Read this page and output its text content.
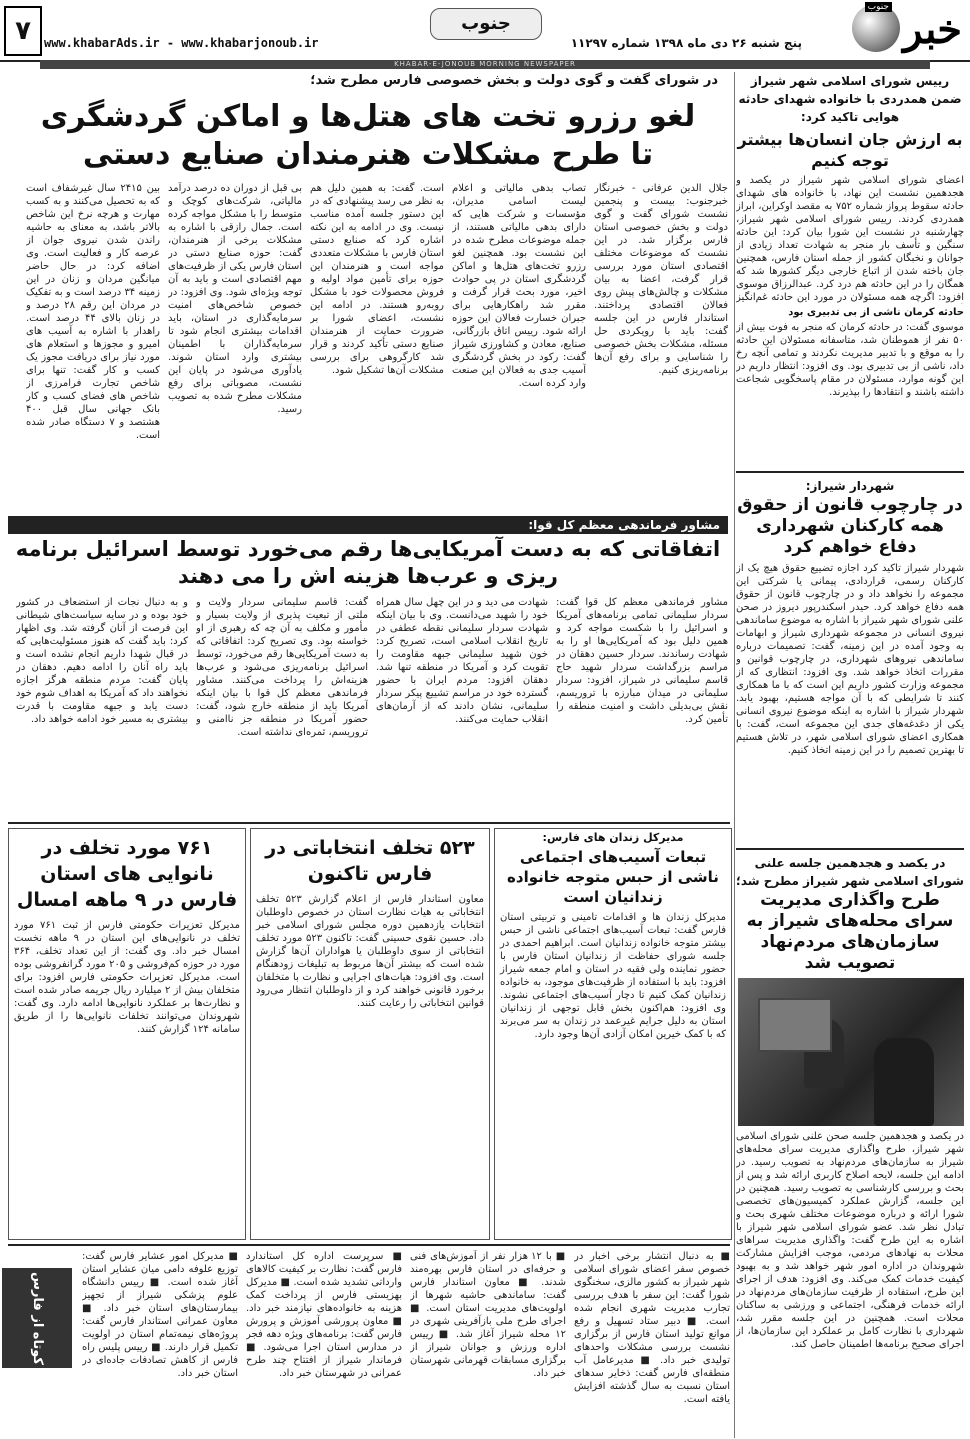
خبر
جنوب
پنج شنبه ۲۶ دی ماه ۱۳۹۸ شماره ۱۱۲۹۷
جنوب
www.khabarAds.ir - www.khabarjonoub.ir
۷
KHABAR-E-JONOUB MORNING NEWSPAPER
رییس شورای اسلامی شهر شیراز ضمن همدردی با خانواده شهدای حادثه هوایی تاکید کرد:
به ارزش جان انسان‌ها بیشتر توجه کنیم
اعضای شورای اسلامی شهر شیراز در یکصد و هجدهمین نشست این نهاد، با خانواده های شهدای حادثه سقوط پرواز شماره ۷۵۲ به مقصد اوکراین، ابراز همدردی کردند. رییس شورای اسلامی شهر شیراز، چهارشنبه در نشست این شورا بیان کرد: این حادثه سنگین و تأسف بار منجر به شهادت تعداد زیادی از جوانان و نخبگان کشور از جمله استان فارس، همچنین جان باخته شدن از اتباع خارجی دیگر کشورها شد که همگان را در این حادثه هم درد کرد. عبدالرزاق موسوی افزود: اگرچه همه مسئولان در مورد این حادثه غم‌انگیز
حادثه کرمان ناشی از بی تدبیری بود
موسوی گفت: در حادثه کرمان که منجر به فوت بیش از ۵۰ نفر از هموطنان شد، متاسفانه مسئولان این حادثه را به موقع و با تدبیر مدیریت نکردند و تمامی آنچه رخ داد، ناشی از بی تدبیری بود. وی افزود: انتظار داریم در این گونه موارد، مسئولان در مقام پاسخگویی شجاعت داشته باشند و انتقادها را بپذیرند.
شهردار شیراز:
در چارچوب قانون از حقوق همه کارکنان شهرداری دفاع خواهم کرد
شهردار شیراز تاکید کرد اجازه تضییع حقوق هیچ یک از کارکنان رسمی، قراردادی، پیمانی یا شرکتی این مجموعه را نخواهد داد و در چارچوب قانون از حقوق همه دفاع خواهد کرد. حیدر اسکندرپور دیروز در صحن علنی شورای شهر شیراز با اشاره به موضوع ساماندهی نیروی انسانی در مجموعه شهرداری شیراز و ابهامات به وجود آمده در این زمینه، گفت: تصمیمات درباره ساماندهی نیروهای شهرداری، در چارچوب قوانین و مقررات اتخاذ خواهد شد. وی افزود: انتظاری که از مجموعه وزارت کشور داریم این است که با ما همکاری کنند تا شرایطی که با آن مواجه هستیم، بهبود یابد. شهردار شیراز با اشاره به اینکه موضوع نیروی انسانی یکی از دغدغه‌های جدی این مجموعه است، گفت: با همکاری اعضای شورای اسلامی شهر، در تلاش هستیم تا بهترین تصمیم را در این زمینه اتخاذ کنیم.
در یکصد و هجدهمین جلسه علنی شورای اسلامی شهر شیراز مطرح شد؛
طرح واگذاری مدیریت سرای محله‌های شیراز به سازمان‌های مردم‌نهاد تصویب شد
در یکصد و هجدهمین جلسه صحن علنی شورای اسلامی شهر شیراز، طرح واگذاری مدیریت سرای محله‌های شیراز به سازمان‌های مردم‌نهاد به تصویب رسید. در ادامه این جلسه، لایحه اصلاح کاربری ارائه شد و پس از بحث و بررسی کارشناسی به تصویب رسید. همچنین در این جلسه، گزارش عملکرد کمیسیون‌های تخصصی شورا ارائه و درباره موضوعات مختلف شهری بحث و تبادل نظر شد. عضو شورای اسلامی شهر شیراز با اشاره به این طرح گفت: واگذاری مدیریت سراهای محلات به نهادهای مردمی، موجب افزایش مشارکت شهروندان در اداره امور شهر خواهد شد و به بهبود کیفیت خدمات کمک می‌کند. وی افزود: هدف از اجرای این طرح، استفاده از ظرفیت سازمان‌های مردم‌نهاد در ارائه خدمات فرهنگی، اجتماعی و ورزشی به ساکنان محلات است. همچنین در این جلسه مقرر شد، شهرداری با نظارت کامل بر عملکرد این سازمان‌ها، از اجرای صحیح برنامه‌ها اطمینان حاصل کند.
در شورای گفت و گوی دولت و بخش خصوصی فارس مطرح شد؛
لغو رزرو تخت های هتل‌ها و اماکن گردشگری
تا طرح مشکلات هنرمندان صنایع دستی
جلال الدین عرفانی - خبرنگار خبرجنوب: بیست و پنجمین نشست شورای گفت و گوی دولت و بخش خصوصی استان فارس برگزار شد. در این نشست که موضوعات مختلف اقتصادی استان مورد بررسی قرار گرفت، اعضا به بیان مشکلات و چالش‌های پیش روی فعالان اقتصادی پرداختند. استاندار فارس در این جلسه گفت: باید با رویکردی حل مسئله، مشکلات بخش خصوصی را شناسایی و برای رفع آن‌ها برنامه‌ریزی کنیم.
تصاب بدهی مالیاتی و اعلام لیست اسامی مدیران، مؤسسات و شرکت هایی که دارای بدهی مالیاتی هستند، از جمله موضوعات مطرح شده در این نشست بود. همچنین لغو رزرو تخت‌های هتل‌ها و اماکن گردشگری استان در پی حوادث اخیر، مورد بحث قرار گرفت و مقرر شد راهکارهایی برای جبران خسارت فعالان این حوزه ارائه شود. رییس اتاق بازرگانی، صنایع، معادن و کشاورزی شیراز گفت: رکود در بخش گردشگری آسیب جدی به فعالان این صنعت وارد کرده است.
است. گفت: به همین دلیل هم به نظر می رسد پیشنهادی که در این دستور جلسه آمده مناسب نیست. وی در ادامه به این نکته اشاره کرد که صنایع دستی استان فارس با مشکلات متعددی مواجه است و هنرمندان این حوزه برای تأمین مواد اولیه و فروش محصولات خود با مشکل روبه‌رو هستند. در ادامه این نشست، اعضای شورا بر ضرورت حمایت از هنرمندان صنایع دستی تأکید کردند و قرار شد کارگروهی برای بررسی مشکلات آن‌ها تشکیل شود.
بی قبل از دوران ده درصد درآمد مالیاتی، شرکت‌های کوچک و متوسط را با مشکل مواجه کرده است. جمال رازقی با اشاره به مشکلات برخی از هنرمندان، گفت: حوزه صنایع دستی در استان فارس یکی از ظرفیت‌های مهم اقتصادی است و باید به آن توجه ویژه‌ای شود. وی افزود: در خصوص شاخص‌های امنیت سرمایه‌گذاری در استان، باید اقدامات بیشتری انجام شود تا سرمایه‌گذاران با اطمینان بیشتری وارد استان شوند. یادآوری می‌شود در پایان این نشست، مصوباتی برای رفع مشکلات مطرح شده به تصویب رسید.
بین ۲۴۱۵ سال غیرشفاف است که به تحصیل می‌کنند و به کسب مهارت و هرچه نرخ این شاخص بالاتر باشد، به معنای به حاشیه راندن شدن نیروی جوان از عرصه کار و فعالیت است. وی اضافه کرد: در حال حاضر میانگین مردان و زنان در این زمینه ۳۴ درصد است و به تفکیک در مردان این رقم ۲۸ درصد و در زنان بالای ۴۴ درصد است. راهدار با اشاره به آسیب های امیرو و مجوزها و استعلام های مورد نیاز برای دریافت مجوز یک کسب و کار گفت: تنها برای شاخص تجارت فرامرزی از شاخص های فضای کسب و کار بانک جهانی سال قبل ۴۰۰ هشتصد و ۷ دستگاه صادر شده است.
مشاور فرماندهی معظم کل قوا:
اتفاقاتی که به دست آمریکایی‌ها رقم می‌خورد توسط اسرائیل برنامه ریزی و عرب‌ها هزینه اش را می دهند
مشاور فرماندهی معظم کل قوا گفت: سردار سلیمانی تمامی برنامه‌های آمریکا و اسرائیل را با شکست مواجه کرد و همین دلیل بود که آمریکایی‌ها او را به شهادت رساندند. سردار حسین دهقان در مراسم بزرگداشت سردار شهید حاج قاسم سلیمانی در شیراز، افزود: سردار سلیمانی در میدان مبارزه با تروریسم، نقش بی‌بدیلی داشت و امنیت منطقه را تأمین کرد.
شهادت می دید و در این چهل سال همراه خود را شهید می‌دانست. وی با بیان اینکه شهادت سردار سلیمانی نقطه عطفی در تاریخ انقلاب اسلامی است، تصریح کرد: خون شهید سلیمانی جبهه مقاومت را تقویت کرد و آمریکا در منطقه تنها شد. دهقان افزود: مردم ایران با حضور گسترده خود در مراسم تشییع پیکر سردار سلیمانی، نشان دادند که از آرمان‌های انقلاب حمایت می‌کنند.
گفت: قاسم سلیمانی سردار ولایت و ملتی از تبعیت پذیری از ولایت بسیار و مأمور و مکلف به آن چه که رهبری از او خواسته بود. وی تصریح کرد: اتفاقاتی که به دست آمریکایی‌ها رقم می‌خورد، توسط اسرائیل برنامه‌ریزی می‌شود و عرب‌ها هزینه‌اش را پرداخت می‌کنند. مشاور فرماندهی معظم کل قوا با بیان اینکه آمریکا باید از منطقه خارج شود، گفت: حضور آمریکا در منطقه جز ناامنی و تروریسم، ثمره‌ای نداشته است.
و به دنبال نجات از استضعاف در کشور خود بوده و در سایه سیاست‌های شیطانی این فرصت از آنان گرفته شد. وی اظهار کرد: باید گفت که هنوز مسئولیت‌هایی که در قبال شهدا داریم انجام نشده است و باید راه آنان را ادامه دهیم. دهقان در پایان گفت: مردم منطقه هرگز اجازه نخواهند داد که آمریکا به اهداف شوم خود دست یابد و جبهه مقاومت با قدرت بیشتری به مسیر خود ادامه خواهد داد.
مدیرکل زندان های فارس:
تبعات آسیب‌های اجتماعی ناشی از حبس متوجه خانواده زندانیان است
مدیرکل زندان ها و اقدامات تامینی و تربیتی استان فارس گفت: تبعات آسیب‌های اجتماعی ناشی از حبس بیشتر متوجه خانواده زندانیان است. ابراهیم احمدی در جلسه شورای حفاظت از زندانیان استان فارس با حضور نماینده ولی فقیه در استان و امام جمعه شیراز افزود: باید با استفاده از ظرفیت‌های موجود، به خانواده زندانیان کمک کنیم تا دچار آسیب‌های اجتماعی نشوند. وی افزود: هم‌اکنون بخش قابل توجهی از زندانیان استان به دلیل جرایم غیرعمد در زندان به سر می‌برند که با کمک خیرین امکان آزادی آن‌ها وجود دارد.
۵۲۳ تخلف انتخاباتی در فارس تاکنون
معاون استاندار فارس از اعلام گزارش ۵۲۳ تخلف انتخاباتی به هیات نظارت استان در خصوص داوطلبان انتخابات یازدهمین دوره مجلس شورای اسلامی خبر داد. حسین نقوی حسینی گفت: تاکنون ۵۲۳ مورد تخلف انتخاباتی از سوی داوطلبان یا هواداران آن‌ها گزارش شده است که بیشتر آن‌ها مربوط به تبلیغات زودهنگام است. وی افزود: هیات‌های اجرایی و نظارت با متخلفان برخورد قانونی خواهند کرد و از داوطلبان انتظار می‌رود قوانین انتخاباتی را رعایت کنند.
۷۶۱ مورد تخلف در نانوایی های استان فارس در ۹ ماهه امسال
مدیرکل تعزیرات حکومتی فارس از ثبت ۷۶۱ مورد تخلف در نانوایی‌های این استان در ۹ ماهه نخست امسال خبر داد. وی گفت: از این تعداد تخلف، ۳۶۴ مورد در حوزه کم‌فروشی و ۲۰۵ مورد گرانفروشی بوده است. مدیرکل تعزیرات حکومتی فارس افزود: برای متخلفان بیش از ۲ میلیارد ریال جریمه صادر شده است و نظارت‌ها بر عملکرد نانوایی‌ها ادامه دارد. وی گفت: شهروندان می‌توانند تخلفات نانوایی‌ها را از طریق سامانه ۱۲۴ گزارش کنند.
■ به دنبال انتشار برخی اخبار در خصوص سفر اعضای شورای اسلامی شهر شیراز به کشور مالزی، سخنگوی شورا گفت: این سفر با هدف بررسی تجارب مدیریت شهری انجام شده است. ■ دبیر ستاد تسهیل و رفع موانع تولید استان فارس از برگزاری نشست بررسی مشکلات واحدهای تولیدی خبر داد. ■ مدیرعامل آب منطقه‌ای فارس گفت: ذخایر سدهای استان نسبت به سال گذشته افزایش یافته است.
■ با ۱۲ هزار نفر از آموزش‌های فنی و حرفه‌ای در استان فارس بهره‌مند شدند. ■ معاون استاندار فارس گفت: ساماندهی حاشیه شهرها از اولویت‌های مدیریت استان است. ■ اجرای طرح ملی بازآفرینی شهری در ۱۲ محله شیراز آغاز شد. ■ رییس اداره ورزش و جوانان شیراز از برگزاری مسابقات قهرمانی شهرستان خبر داد.
■ سرپرست اداره کل استاندارد فارس گفت: نظارت بر کیفیت کالاهای وارداتی تشدید شده است. ■ مدیرکل بهزیستی فارس از پرداخت کمک هزینه به خانواده‌های نیازمند خبر داد. ■ معاون پرورشی آموزش و پرورش فارس گفت: برنامه‌های ویژه دهه فجر در مدارس استان اجرا می‌شود. ■ فرماندار شیراز از افتتاح چند طرح عمرانی در شهرستان خبر داد.
■ مدیرکل امور عشایر فارس گفت: توزیع علوفه دامی میان عشایر استان آغاز شده است. ■ رییس دانشگاه علوم پزشکی شیراز از تجهیز بیمارستان‌های استان خبر داد. ■ معاون عمرانی استاندار فارس گفت: پروژه‌های نیمه‌تمام استان در اولویت تکمیل قرار دارند. ■ رییس پلیس راه فارس از کاهش تصادفات جاده‌ای در استان خبر داد.
کوتاه از فارس
